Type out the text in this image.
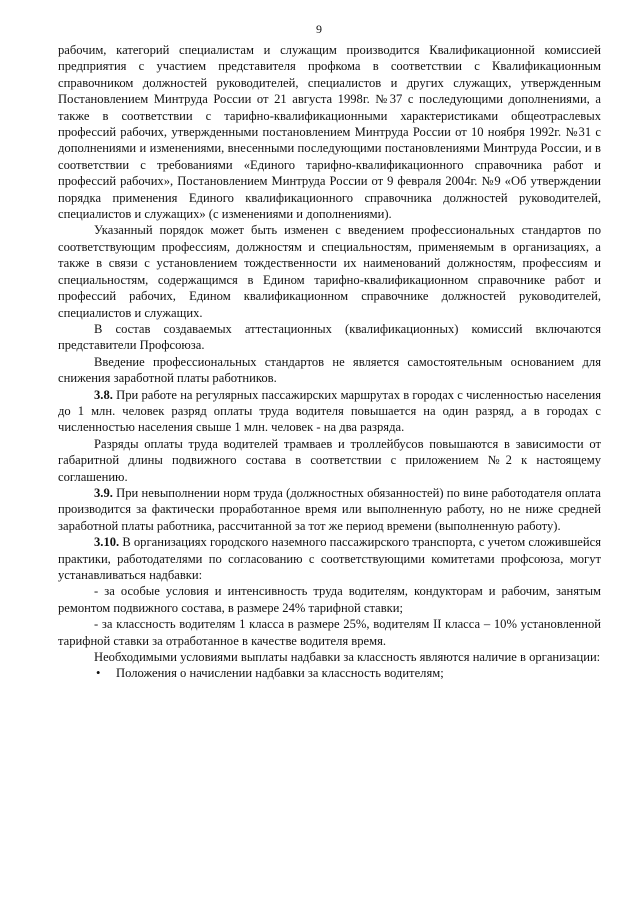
9

рабочим, категорий специалистам и служащим производится Квалификационной комиссией предприятия с участием представителя профкома в соответствии с Квалификационным справочником должностей руководителей, специалистов и других служащих, утвержденным Постановлением Минтруда России от 21 августа 1998г. №37 с последующими дополнениями, а также в соответствии с тарифно-квалификационными характеристиками общеотраслевых профессий рабочих, утвержденными постановлением Минтруда России от 10 ноября 1992г. №31 с дополнениями и изменениями, внесенными последующими постановлениями Минтруда России, и в соответствии с требованиями «Единого тарифно-квалификационного справочника работ и профессий рабочих», Постановлением Минтруда России от 9 февраля 2004г. №9 «Об утверждении порядка применения Единого квалификационного справочника должностей руководителей, специалистов и служащих» (с изменениями и дополнениями).

Указанный порядок может быть изменен с введением профессиональных стандартов по соответствующим профессиям, должностям и специальностям, применяемым в организациях, а также в связи с установлением тождественности их наименований должностям, профессиям и специальностям, содержащимся в Едином тарифно-квалификационном справочнике работ и профессий рабочих, Едином квалификационном справочнике должностей руководителей, специалистов и служащих.

В состав создаваемых аттестационных (квалификационных) комиссий включаются представители Профсоюза.

Введение профессиональных стандартов не является самостоятельным основанием для снижения заработной платы работников.

3.8. При работе на регулярных пассажирских маршрутах в городах с численностью населения до 1 млн. человек разряд оплаты труда водителя повышается на один разряд, а в городах с численностью населения свыше 1 млн. человек - на два разряда.

Разряды оплаты труда водителей трамваев и троллейбусов повышаются в зависимости от габаритной длины подвижного состава в соответствии с приложением №2 к настоящему соглашению.

3.9. При невыполнении норм труда (должностных обязанностей) по вине работодателя оплата производится за фактически проработанное время или выполненную работу, но не ниже средней заработной платы работника, рассчитанной за тот же период времени (выполненную работу).

3.10. В организациях городского наземного пассажирского транспорта, с учетом сложившейся практики, работодателями по согласованию с соответствующими комитетами профсоюза, могут устанавливаться надбавки:

- за особые условия и интенсивность труда водителям, кондукторам и рабочим, занятым ремонтом подвижного состава, в размере 24% тарифной ставки;

- за классность водителям 1 класса в размере 25%, водителям II класса – 10% установленной тарифной ставки за отработанное в качестве водителя время.

Необходимыми условиями выплаты надбавки за классность являются наличие в организации:

• Положения о начислении надбавки за классность водителям;
